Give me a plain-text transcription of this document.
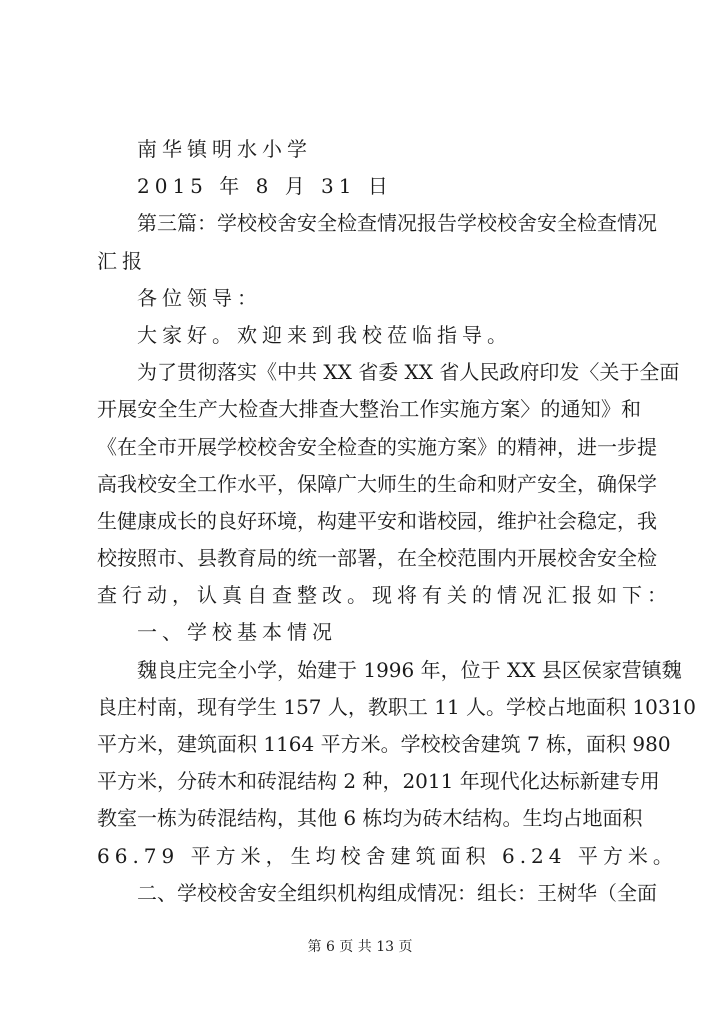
南华镇明水小学
2015 年 8 月 31 日
第三篇：学校校舍安全检查情况报告学校校舍安全检查情况
汇报
各位领导：
大家好。欢迎来到我校莅临指导。
为了贯彻落实《中共 XX 省委 XX 省人民政府印发〈关于全面
开展安全生产大检查大排查大整治工作实施方案〉的通知》和
《在全市开展学校校舍安全检查的实施方案》的精神，进一步提
高我校安全工作水平，保障广大师生的生命和财产安全，确保学
生健康成长的良好环境，构建平安和谐校园，维护社会稳定，我
校按照市、县教育局的统一部署，在全校范围内开展校舍安全检
查行动，认真自查整改。现将有关的情况汇报如下：
一、学校基本情况
魏良庄完全小学，始建于 1996 年，位于 XX 县区侯家营镇魏
良庄村南，现有学生 157 人，教职工 11 人。学校占地面积 10310
平方米，建筑面积 1164 平方米。学校校舍建筑 7 栋，面积 980
平方米，分砖木和砖混结构 2 种，2011 年现代化达标新建专用
教室一栋为砖混结构，其他 6 栋均为砖木结构。生均占地面积
66.79 平方米，生均校舍建筑面积 6.24 平方米。
二、学校校舍安全组织机构组成情况：组长：王树华（全面
第 6 页 共 13 页
